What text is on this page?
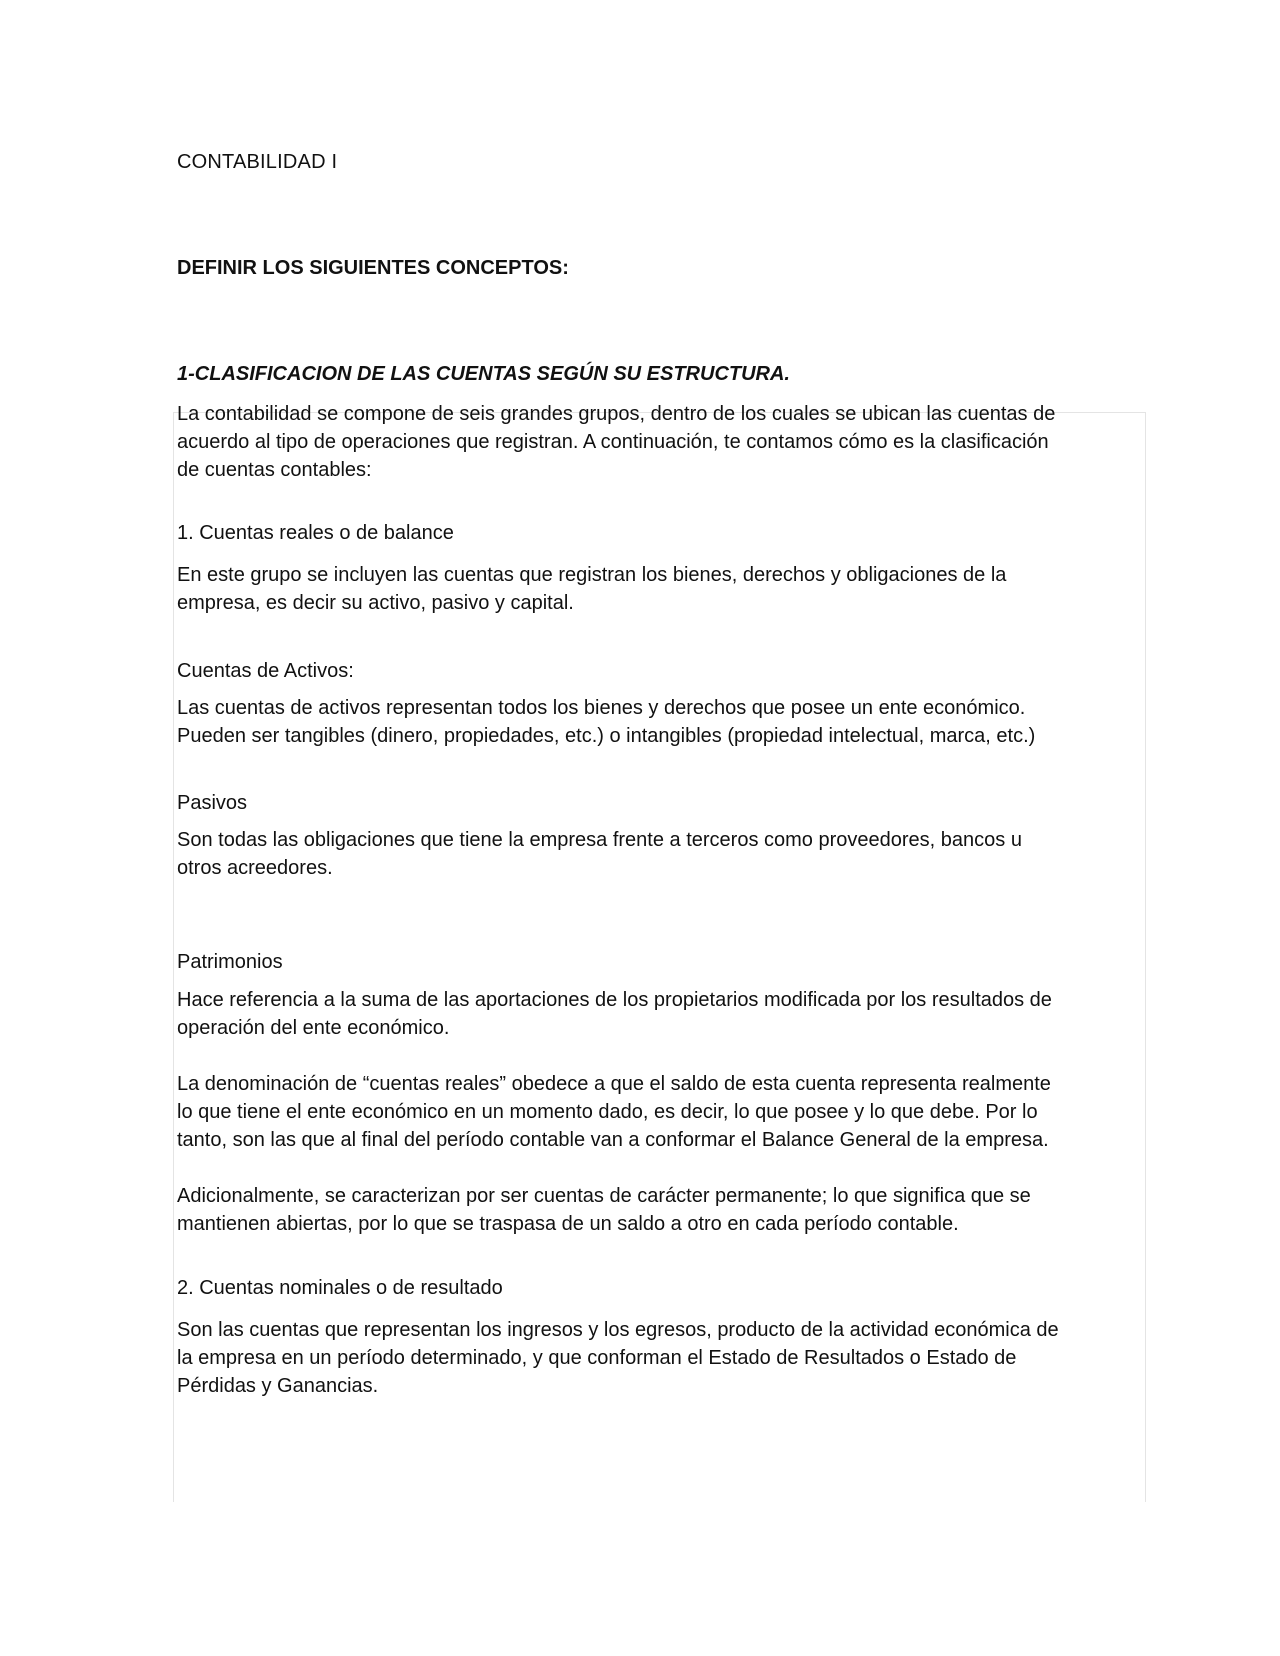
CONTABILIDAD I

DEFINIR LOS SIGUIENTES CONCEPTOS:

1-CLASIFICACION DE LAS CUENTAS SEGÚN SU ESTRUCTURA.

La contabilidad se compone de seis grandes grupos, dentro de los cuales se ubican las cuentas de
acuerdo al tipo de operaciones que registran. A continuación, te contamos cómo es la clasificación
de cuentas contables:

1. Cuentas reales o de balance

En este grupo se incluyen las cuentas que registran los bienes, derechos y obligaciones de la
empresa, es decir su activo, pasivo y capital.

Cuentas de Activos:

Las cuentas de activos representan todos los bienes y derechos que posee un ente económico.
Pueden ser tangibles (dinero, propiedades, etc.) o intangibles (propiedad intelectual, marca, etc.)

Pasivos

Son todas las obligaciones que tiene la empresa frente a terceros como proveedores, bancos u
otros acreedores.

Patrimonios

Hace referencia a la suma de las aportaciones de los propietarios modificada por los resultados de
operación del ente económico.

La denominación de “cuentas reales” obedece a que el saldo de esta cuenta representa realmente
lo que tiene el ente económico en un momento dado, es decir, lo que posee y lo que debe. Por lo
tanto, son las que al final del período contable van a conformar el Balance General de la empresa.

Adicionalmente, se caracterizan por ser cuentas de carácter permanente; lo que significa que se
mantienen abiertas, por lo que se traspasa de un saldo a otro en cada período contable.

2. Cuentas nominales o de resultado

Son las cuentas que representan los ingresos y los egresos, producto de la actividad económica de
la empresa en un período determinado, y que conforman el Estado de Resultados o Estado de
Pérdidas y Ganancias.
